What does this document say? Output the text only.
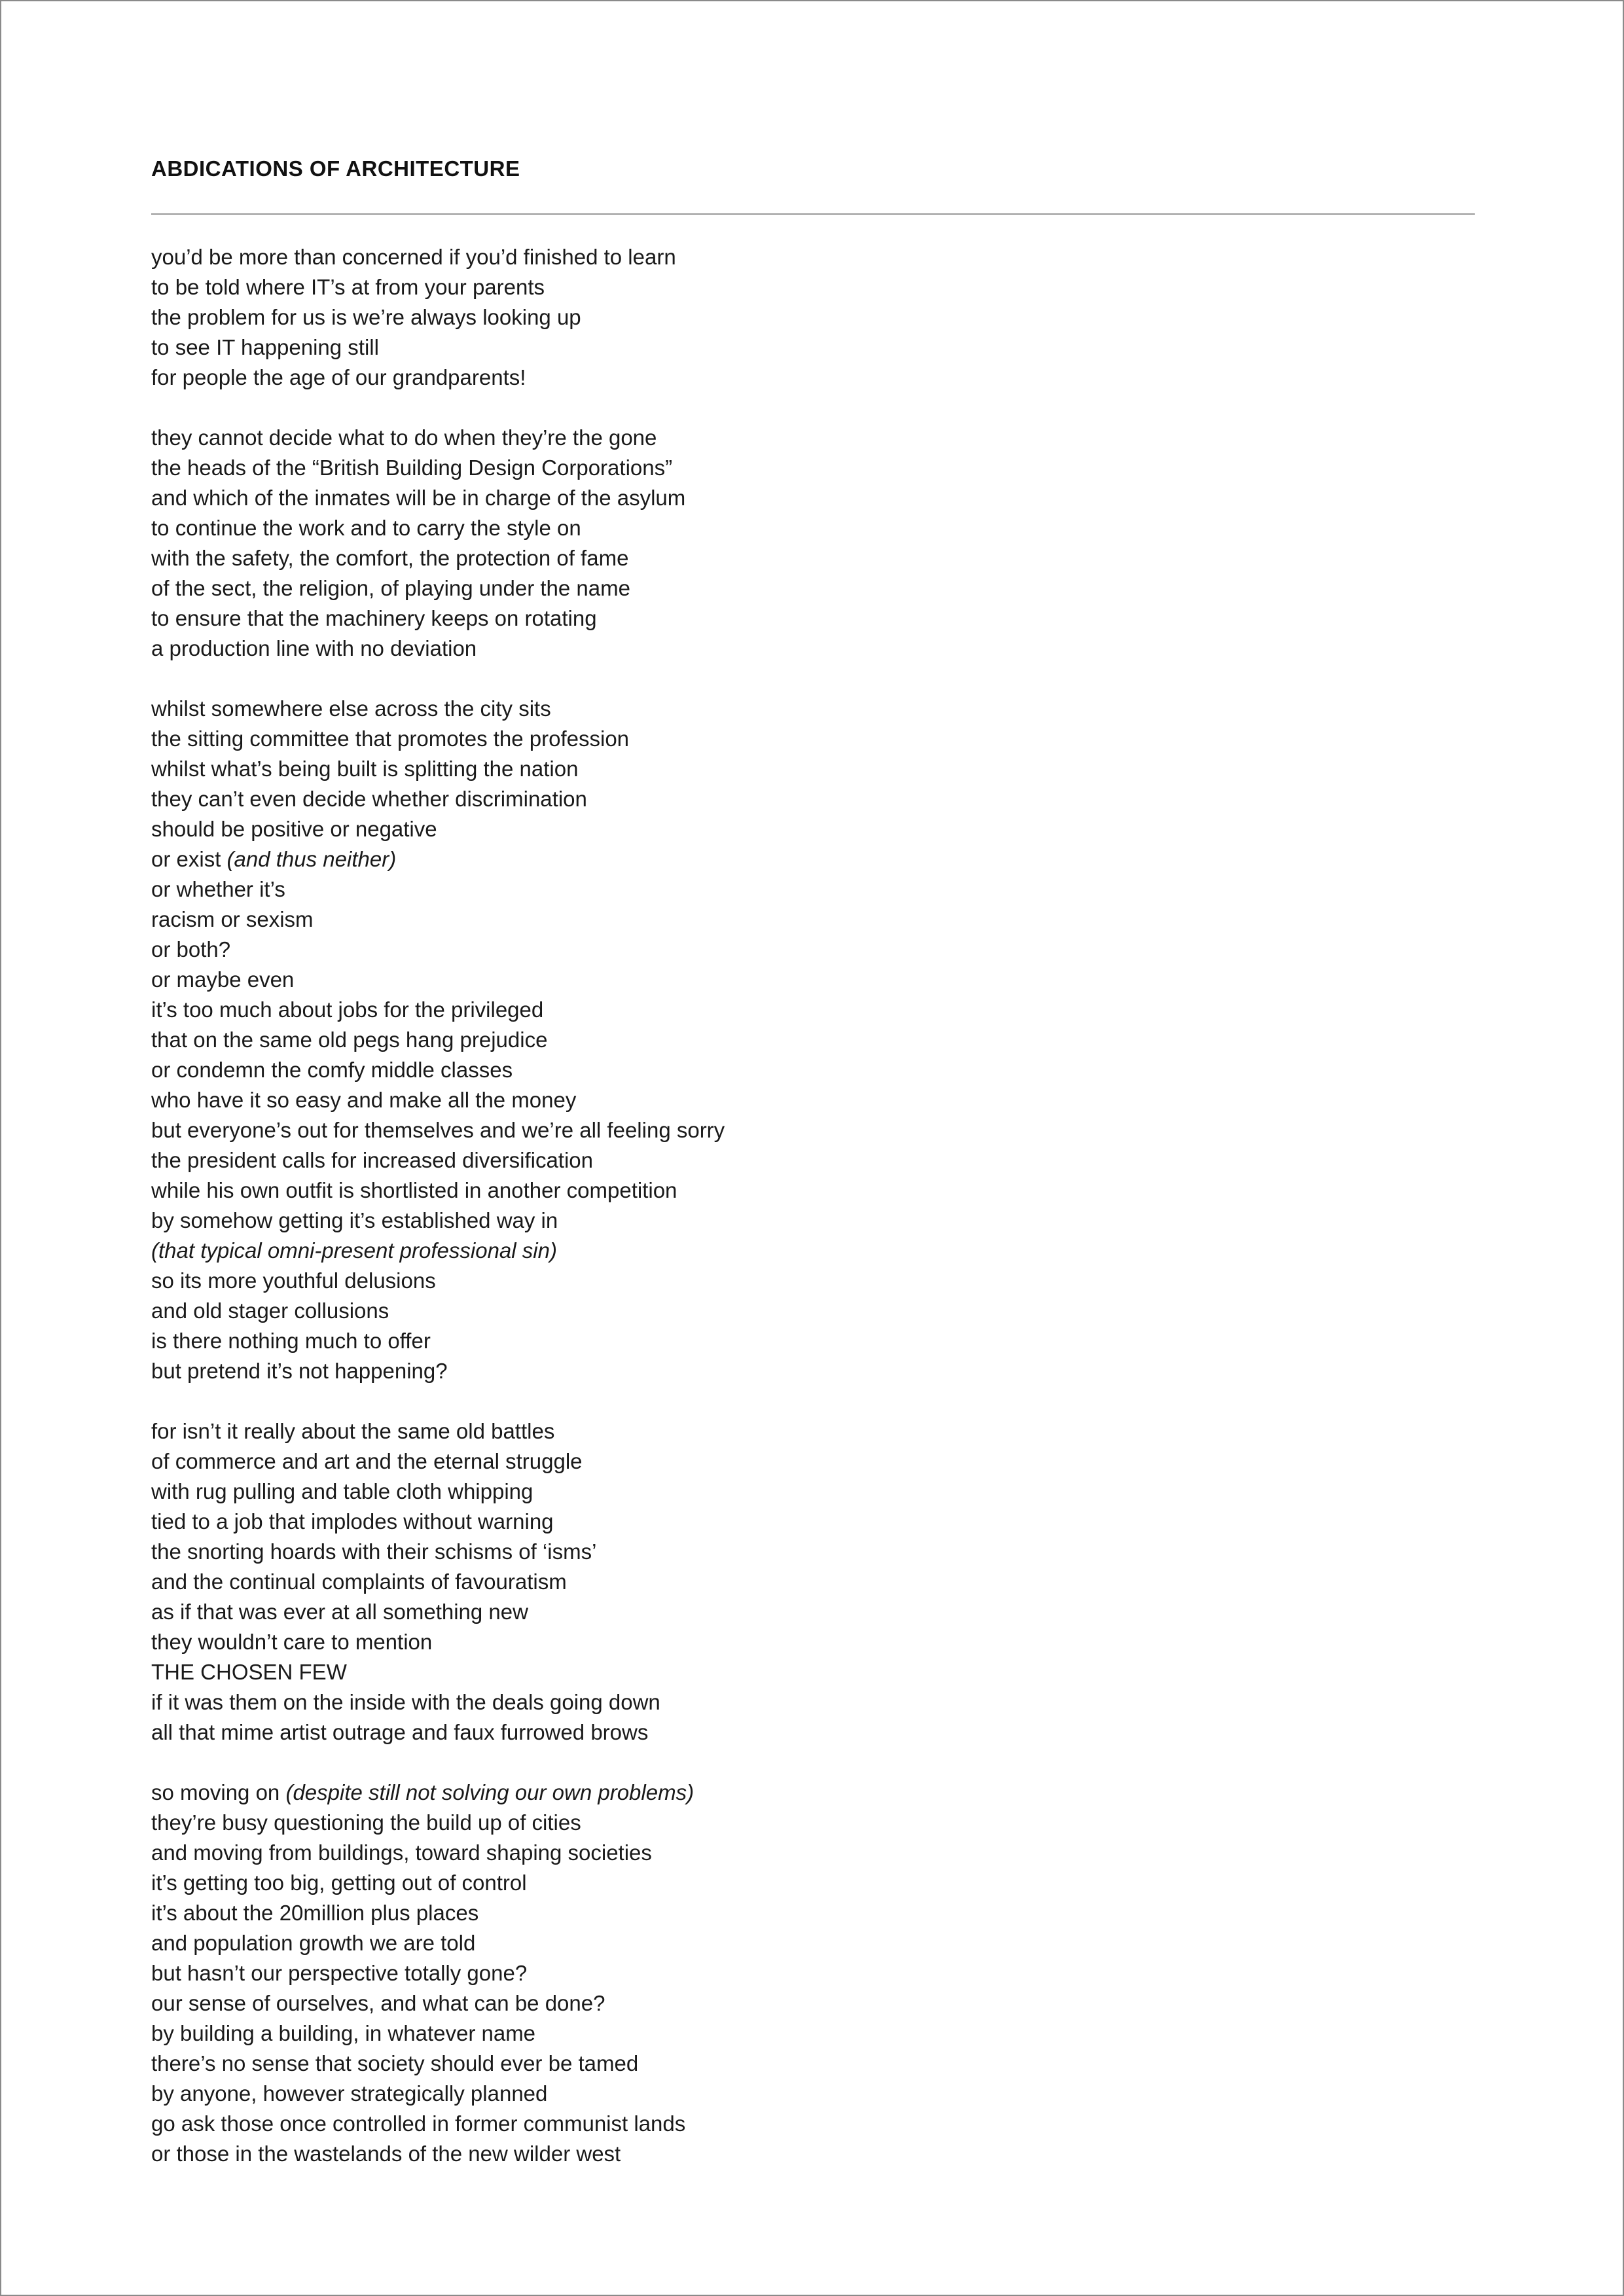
ABDICATIONS OF ARCHITECTURE
you’d be more than concerned if you’d finished to learn
to be told where IT’s at from your parents
the problem for us is we’re always looking up
to see IT happening still
for people the age of our grandparents!
they cannot decide what to do when they’re the gone
the heads of the “British Building Design Corporations”
and which of the inmates will be in charge of the asylum
to continue the work and to carry the style on
with the safety, the comfort, the protection of fame
of the sect, the religion, of playing under the name
to ensure that the machinery keeps on rotating
a production line with no deviation
whilst somewhere else across the city sits
the sitting committee that promotes the profession
whilst what’s being built is splitting the nation
they can’t even decide whether discrimination
should be positive or negative
or exist (and thus neither)
or whether it’s
racism or sexism
or both?
or maybe even
it’s too much about jobs for the privileged
that on the same old pegs hang prejudice
or condemn the comfy middle classes
who have it so easy and make all the money
but everyone’s out for themselves and we’re all feeling sorry
the president calls for increased diversification
while his own outfit is shortlisted in another competition
by somehow getting it’s established way in
(that typical omni-present professional sin)
so its more youthful delusions
and old stager collusions
is there nothing much to offer
but pretend it’s not happening?
for isn’t it really about the same old battles
of commerce and art and the eternal struggle
with rug pulling and table cloth whipping
tied to a job that implodes without warning
the snorting hoards with their schisms of ‘isms’
and the continual complaints of favouratism
as if that was ever at all something new
they wouldn’t care to mention
THE CHOSEN FEW
if it was them on the inside with the deals going down
all that mime artist outrage and faux furrowed brows
so moving on (despite still not solving our own problems)
they’re busy questioning the build up of cities
and moving from buildings, toward shaping societies
it’s getting too big, getting out of control
it’s about the 20million plus places
and population growth we are told
but hasn’t our perspective totally gone?
our sense of ourselves, and what can be done?
by building a building, in whatever name
there’s no sense that society should ever be tamed
by anyone, however strategically planned
go ask those once controlled in former communist lands
or those in the wastelands of the new wilder west
